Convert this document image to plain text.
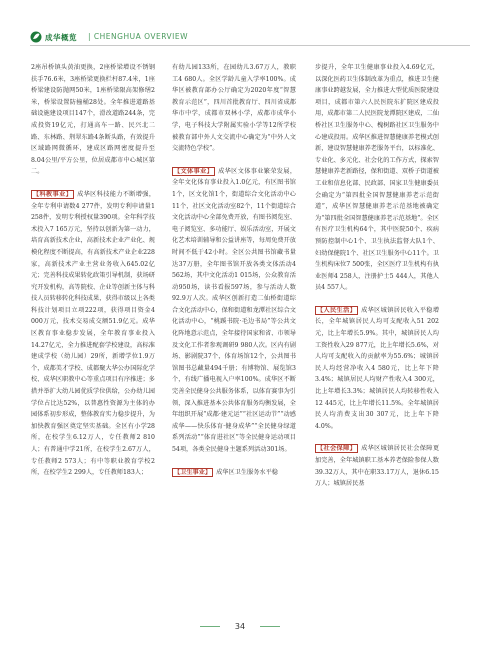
成华概览 | CHENGHUA OVERVIEW

2座吊桥镇头黄油更换，2座桥梁增设不锈钢扶手76.6米，3座桥梁更换栏杆87.4米，1座桥梁建设防抛网50米，1座桥梁限高架修缮2米，桥梁设置防撞桶28处。全年推进道路基础设施建设项目147个，滑改道路244条，完成投资19亿元，打通高车一路、民兴北二路、东林路、荆翠东路4条断头路，有效提升区域路网微循环，建成区路网密度提升至8.04公里/平方公里，位居成都市中心城区第二。

【科教事业】 成华区科技能力不断增强，全年专利申请数4 277件，发明专利申请量1 258件，发明专利授权量390项。全年科学技术投入7 165万元，坚持以创新为第一动力，培育高新技术企业，高新技术企业产业化、规模化程度不断提高，有高新技术产业企业228家，高新技术产业主营业务收入645.02亿元；完善科技成果转化政策引导机制，获场研究开发机构，高等院校、企业等创新主体与科技人员转移转化科技成果，获得市级以上各类科技计划项目立项222项，获得项目资金4 000万元，技术交易成交额51.9亿元。成华区教育事业稳步发展，全年教育事业投入14.27亿元，全力推进配套学校建设，高标准建成学校（幼儿园）29所，新增学位1.9万个，成都美才学校、成都聚大华公办国际化学校、成华区职教中心等重点项目有序推进；多措并举扩大幼儿园优质学位供给，公办幼儿园学位占比达52%，以普惠性资源为主体的办园体系初步形成，整体教育实力稳步提升，为加快教育强区奠定坚实基础。全区有小学28所，在校学生6.12万人，专任教师2 810人；有普通中学21所，在校学生2.67万人，专任教师2 573人；有中等职业教育学校2所，在校学生2 299人，专任教师183人；

有幼儿园133所，在园幼儿3.67万人，教职工4 680人。全区学龄儿童入学率100%。成华区被教育部办公厅确定为2020年度“智慧教育示范区”，四川首批教育厅、四川省成都华市中学，成都市双林小学，成都市成华小学，电子科技大学附属实验小学等12所学校被教育部中外人文交流中心确定为“中外人文交流特色学校”。

【文体事业】 成华区文体事业繁荣发展，全年文化体育事业投入1.0亿元，有区图书馆1个，区文化馆1个，街道综合文化活动中心11个，社区文化活动室82个，11个街道综合文化活动中心全部免费开放，有图书阅览室、电子阅览室、多功能厅、娱乐活动室，开展文化艺术培训辅导和公益讲座等，每周免费开放时间不低于42小时。全区公共图书馆藏书量达37万册，全年图书馆开放各类文体活动4 562场，其中文化活动1 015场，公众教育活动950场，读书看报597场，参与活动人数92.9万人次。成华区创新打造二仙桥街道综合文化活动中心，保和街道和龙潭社区综合文化活动中心，“桃蹊书院·毛边书局”等公共文化阵地意示范点，全年接待国家和省、市领导及文化工作者参观调研9 980人次。区内有剧场、影剧院37个，体育场馆12个，公共图书馆图书总藏量494千册；有博物馆、展览馆3个，有线广播电视入户率100%。成华区不断完善全民健身公共服务体系，以体育赛事为引领，深入推进基本公共体育服务均衡发展，全年组织开展“成都·建元运”“社区运动节”“动感成华——快乐体育·健身成华”“全民健身绿道系列活动”“体育进社区”等全民健身运动项目54项，各类全民健身主题系列活动301场。

【卫生事业】 成华区卫生服务水平稳

步提升，全年卫生健康事业投入4.69亿元，以深化医药卫生体制改革为重点，推进卫生健康事业跨越发展，全力推进大型优质医院建设项目，成都市第六人民医院东扩院区建成投用，成都市第二人民医院龙潭院区建成，二仙桥社区卫生服务中心、槐树路社区卫生服务中心建成投用。成华区推进智慧健康养老模式创新，建设智慧健康养老服务平台，以标准化、专业化、多元化、社会化的工作方式，探索智慧健康养老新路径，保和街道、双桥子街道被工业和信息化部、民政部、国家卫生健康委员会确定为“第四批全国智慧健康养老示范街道”，成华区智慧健康养老示范基地被确定为“第四批全国智慧健康养老示范基地”。全区有医疗卫生机构64个，其中医院50个、疾病预防控制中心1个、卫生执法监督大队1个、妇幼保健院1个、社区卫生服务中心11个。卫生机构床位7 500张，全区医疗卫生机构有执业医师4 258人，注册护士5 444人，其他人员4 557人。

【人民生活】 成华区城镇居民收入平稳增长，全年城镇居民人均可支配收入51 202元，比上年增长5.9%。其中，城镇居民人均工资性收入29 877元，比上年增长5.6%，对人均可支配收入的贡献率为55.6%；城镇居民人均经营净收入4 580元，比上年下降3.4%；城镇居民人均财产性收入4 300元，比上年增长3.3%；城镇居民人均转移性收入12 445元，比上年增长11.5%。全年城镇居民人均消费支出30 307元，比上年下降4.0%。

【社会保障】 成华区城镇居民社会保障更加完善，全年城镇职工基本养老保险参保人数39.32万人，其中在职33.17万人，退休6.15万人；城镇居民基

34
